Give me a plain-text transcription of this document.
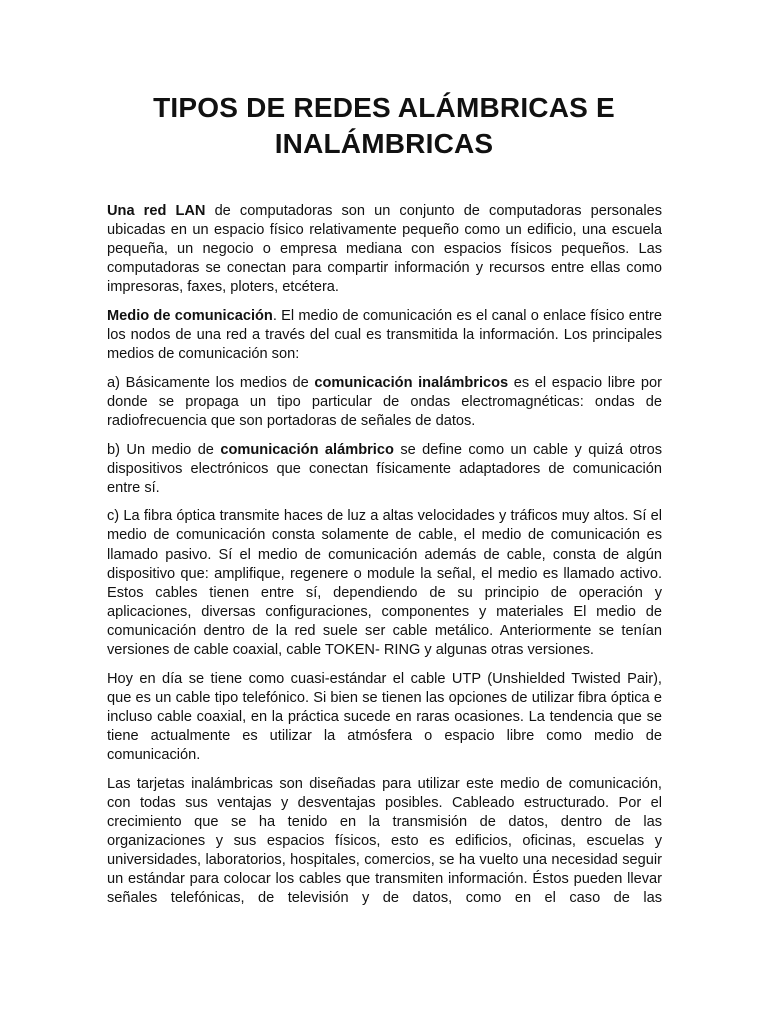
TIPOS DE REDES ALÁMBRICAS E
INALÁMBRICAS

Una red LAN de computadoras son un conjunto de computadoras personales ubicadas en un espacio físico relativamente pequeño como un edificio, una escuela pequeña, un negocio o empresa mediana con espacios físicos pequeños. Las computadoras se conectan para compartir información y recursos entre ellas como impresoras, faxes, ploters, etcétera.

Medio de comunicación. El medio de comunicación es el canal o enlace físico entre los nodos de una red a través del cual es transmitida la información. Los principales medios de comunicación son:

a) Básicamente los medios de comunicación inalámbricos es el espacio libre por donde se propaga un tipo particular de ondas electromagnéticas: ondas de radiofrecuencia que son portadoras de señales de datos.

b) Un medio de comunicación alámbrico se define como un cable y quizá otros dispositivos electrónicos que conectan físicamente adaptadores de comunicación entre sí.

c) La fibra óptica transmite haces de luz a altas velocidades y tráficos muy altos. Sí el medio de comunicación consta solamente de cable, el medio de comunicación es llamado pasivo. Sí el medio de comunicación además de cable, consta de algún dispositivo que: amplifique, regenere o module la señal, el medio es llamado activo. Estos cables tienen entre sí, dependiendo de su principio de operación y aplicaciones, diversas configuraciones, componentes y materiales El medio de comunicación dentro de la red suele ser cable metálico. Anteriormente se tenían versiones de cable coaxial, cable TOKEN- RING y algunas otras versiones.

Hoy en día se tiene como cuasi-estándar el cable UTP (Unshielded Twisted Pair), que es un cable tipo telefónico. Si bien se tienen las opciones de utilizar fibra óptica e incluso cable coaxial, en la práctica sucede en raras ocasiones. La tendencia que se tiene actualmente es utilizar la atmósfera o espacio libre como medio de comunicación.

Las tarjetas inalámbricas son diseñadas para utilizar este medio de comunicación, con todas sus ventajas y desventajas posibles. Cableado estructurado. Por el crecimiento que se ha tenido en la transmisión de datos, dentro de las organizaciones y sus espacios físicos, esto es edificios, oficinas, escuelas y universidades, laboratorios, hospitales, comercios, se ha vuelto una necesidad seguir un estándar para colocar los cables que transmiten información. Éstos pueden llevar señales telefónicas, de televisión y de datos, como en el caso de las
